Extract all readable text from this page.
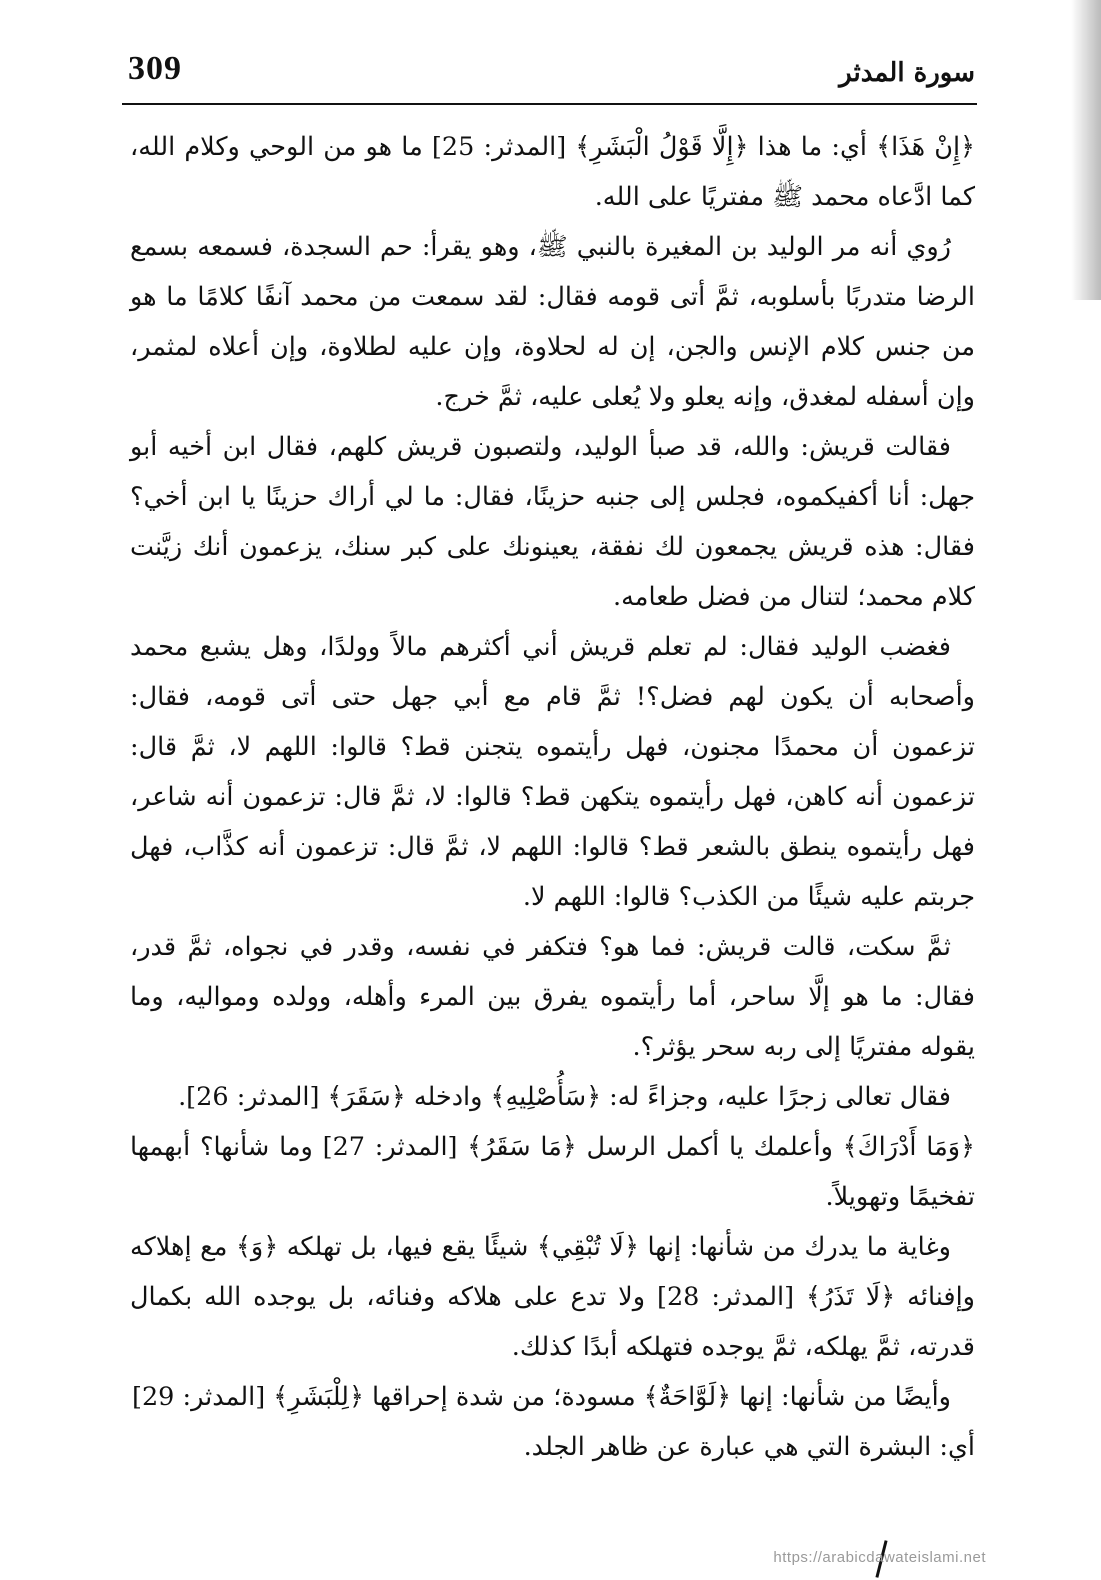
309	سورة المدثر

﴿إِنْ هَذَا﴾ أي: ما هذا ﴿إِلَّا قَوْلُ الْبَشَرِ﴾ [المدثر: 25] ما هو من الوحي وكلام الله، كما ادَّعاه محمد ﷺ مفتريًا على الله.

رُوي أنه مر الوليد بن المغيرة بالنبي ﷺ، وهو يقرأ: حم السجدة، فسمعه بسمع الرضا متدربًا بأسلوبه، ثمَّ أتى قومه فقال: لقد سمعت من محمد آنفًا كلامًا ما هو من جنس كلام الإنس والجن، إن له لحلاوة، وإن عليه لطلاوة، وإن أعلاه لمثمر، وإن أسفله لمغدق، وإنه يعلو ولا يُعلى عليه، ثمَّ خرج.

فقالت قريش: والله، قد صبأ الوليد، ولتصبون قريش كلهم، فقال ابن أخيه أبو جهل: أنا أكفيكموه، فجلس إلى جنبه حزينًا، فقال: ما لي أراك حزينًا يا ابن أخي؟ فقال: هذه قريش يجمعون لك نفقة، يعينونك على كبر سنك، يزعمون أنك زيَّنت كلام محمد؛ لتنال من فضل طعامه.

فغضب الوليد فقال: لم تعلم قريش أني أكثرهم مالاً وولدًا، وهل يشبع محمد وأصحابه أن يكون لهم فضل؟! ثمَّ قام مع أبي جهل حتى أتى قومه، فقال: تزعمون أن محمدًا مجنون، فهل رأيتموه يتجنن قط؟ قالوا: اللهم لا، ثمَّ قال: تزعمون أنه كاهن، فهل رأيتموه يتكهن قط؟ قالوا: لا، ثمَّ قال: تزعمون أنه شاعر، فهل رأيتموه ينطق بالشعر قط؟ قالوا: اللهم لا، ثمَّ قال: تزعمون أنه كذَّاب، فهل جربتم عليه شيئًا من الكذب؟ قالوا: اللهم لا.

ثمَّ سكت، قالت قريش: فما هو؟ فتكفر في نفسه، وقدر في نجواه، ثمَّ قدر، فقال: ما هو إلَّا ساحر، أما رأيتموه يفرق بين المرء وأهله، وولده ومواليه، وما يقوله مفتريًا إلى ربه سحر يؤثر؟.

فقال تعالى زجرًا عليه، وجزاءً له: ﴿سَأُصْلِيهِ﴾ وادخله ﴿سَقَرَ﴾ [المدثر: 26].

﴿وَمَا أَدْرَاكَ﴾ وأعلمك يا أكمل الرسل ﴿مَا سَقَرُ﴾ [المدثر: 27] وما شأنها؟ أبهمها تفخيمًا وتهويلاً.

وغاية ما يدرك من شأنها: إنها ﴿لَا تُبْقِي﴾ شيئًا يقع فيها، بل تهلكه ﴿وَ﴾ مع إهلاكه وإفنائه ﴿لَا تَذَرُ﴾ [المدثر: 28] ولا تدع على هلاكه وفنائه، بل يوجده الله بكمال قدرته، ثمَّ يهلكه، ثمَّ يوجده فتهلكه أبدًا كذلك.

وأيضًا من شأنها: إنها ﴿لَوَّاحَةٌ﴾ مسودة؛ من شدة إحراقها ﴿لِلْبَشَرِ﴾ [المدثر: 29] أي: البشرة التي هي عبارة عن ظاهر الجلد.

https://arabicdawateislami.net
